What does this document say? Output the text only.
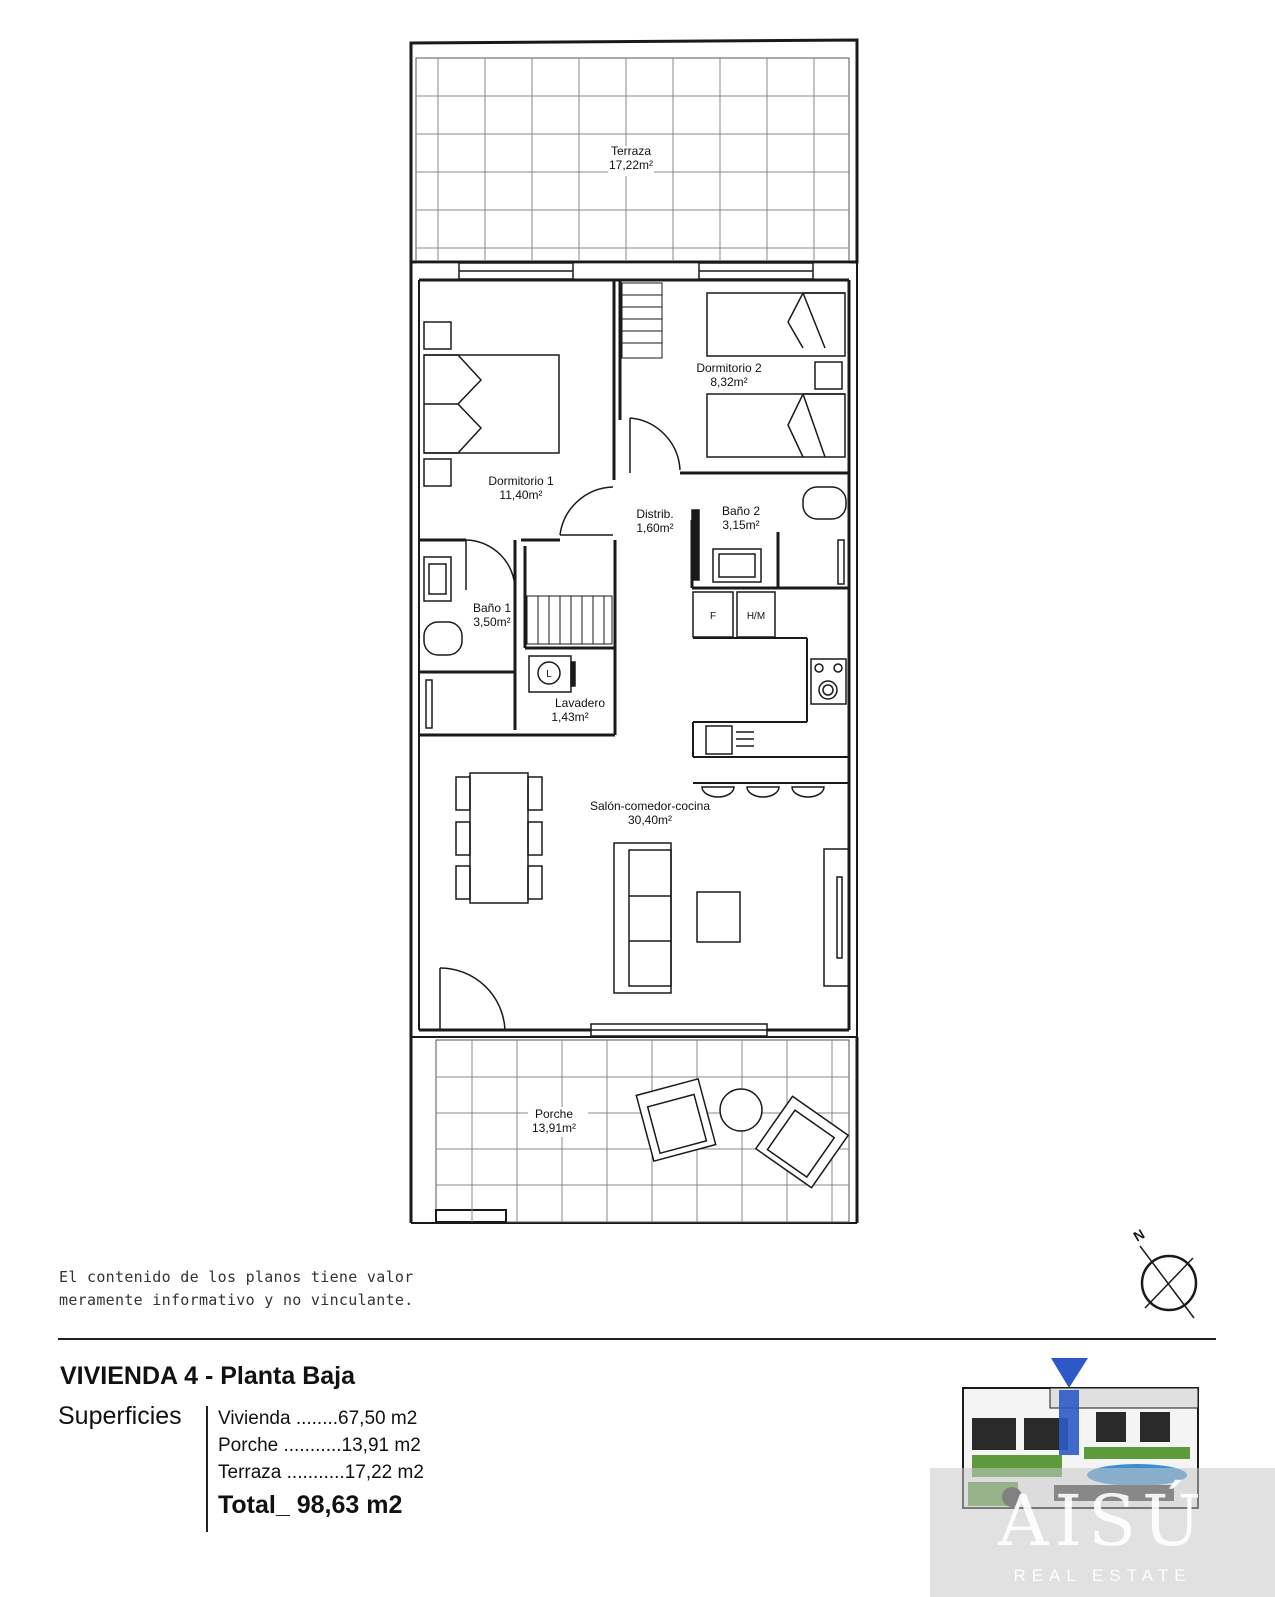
Terraza
17,22m²
Dormitorio 1
11,40m²
Dormitorio 2
8,32m²
Distrib.
1,60m²
Baño 2
3,15m²
Baño 1
3,50m²
L
Lavadero
1,43m²
F	H/M
Salón-comedor-cocina
30,40m²
Porche
13,91m²
N
El contenido de los planos tiene valor
meramente informativo y no vinculante.
VIVIENDA 4 - Planta Baja
Superficies Vivienda ........67,50 m2
Porche ...........13,91 m2
Terraza ...........17,22 m2
Total_ 98,63 m2	AISÚ
REAL ESTATE
